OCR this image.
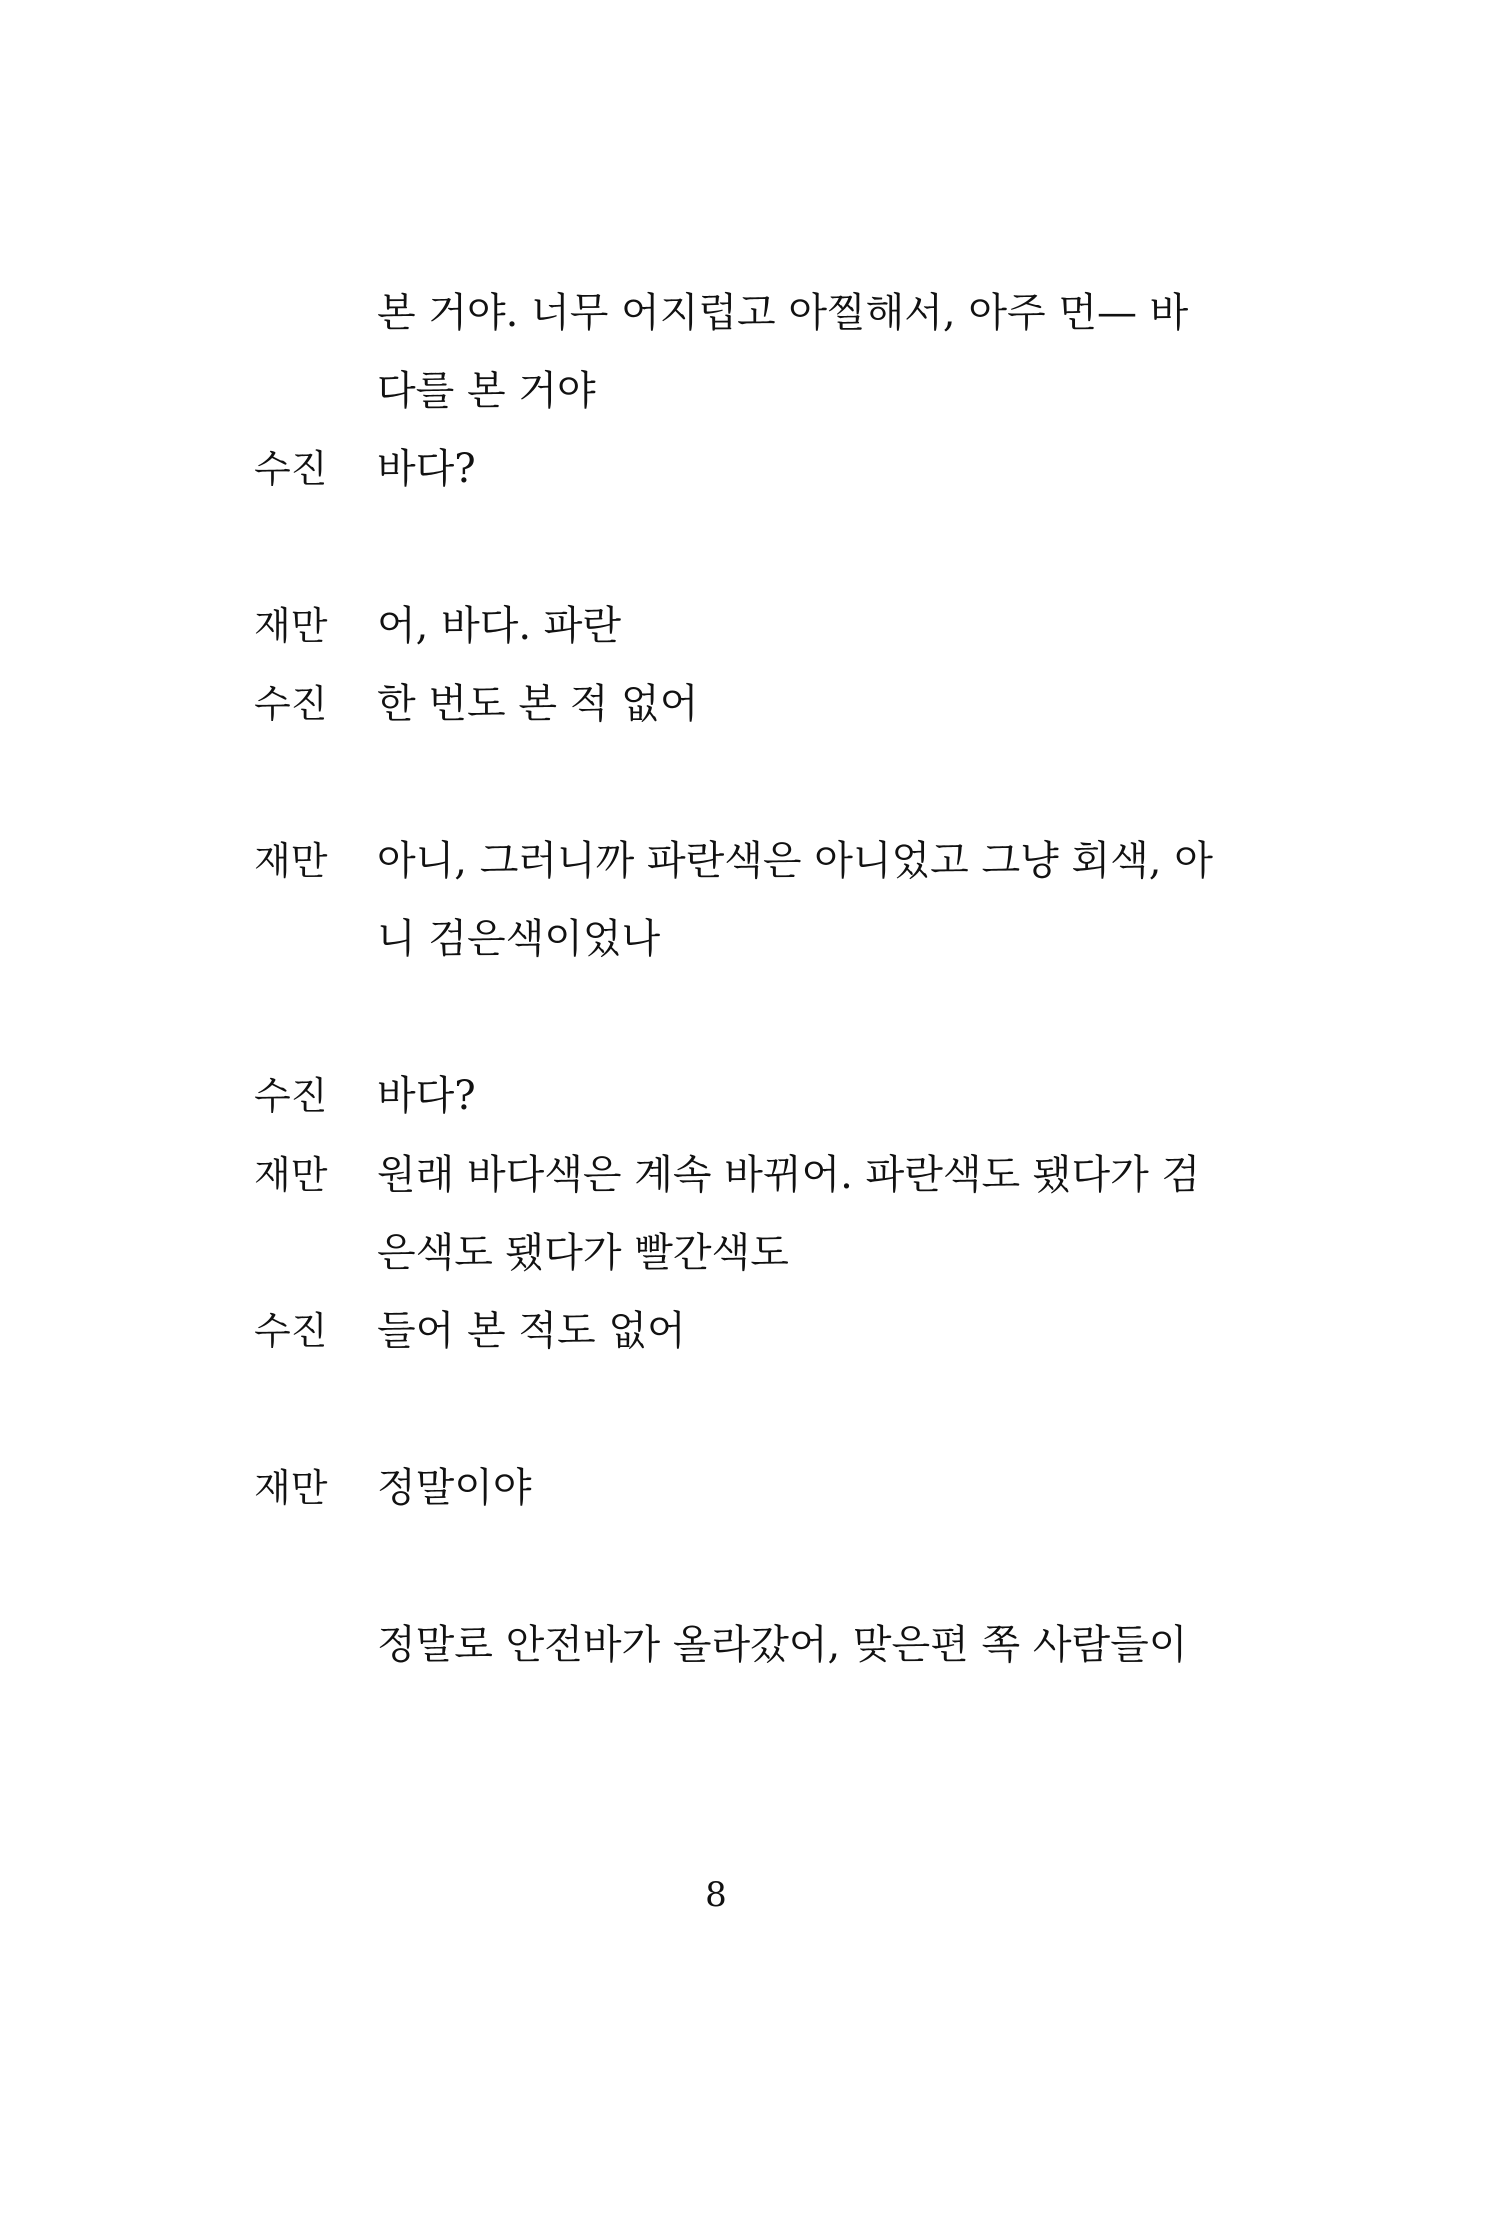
본 거야. 너무 어지럽고 아찔해서, 아주 먼— 바
다를 본 거야
수진 바다?
재만 어, 바다. 파란
수진 한 번도 본 적 없어
재만 아니, 그러니까 파란색은 아니었고 그냥 회색, 아
니 검은색이었나
수진 바다?
재만 원래 바다색은 계속 바뀌어. 파란색도 됐다가 검
은색도 됐다가 빨간색도
수진 들어 본 적도 없어
재만 정말이야
정말로 안전바가 올라갔어, 맞은편 쪽 사람들이
8
